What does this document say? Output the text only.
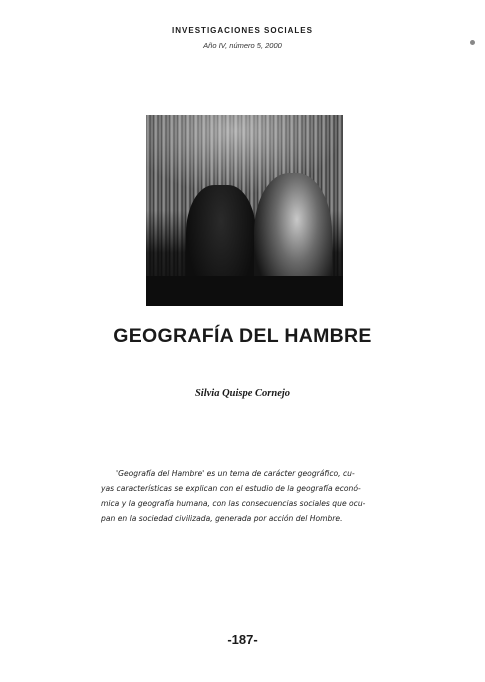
INVESTIGACIONES SOCIALES
Año IV, número 5, 2000
GEOGRAFÍA DEL HAMBRE
Silvia Quispe Cornejo
'Geografía del Hambre' es un tema de carácter geográfico, cu-
yas características se explican con el estudio de la geografía econó-
mica y la geografía humana, con las consecuencias sociales que ocu-
pan en la sociedad civilizada, generada por acción del Hombre.
-187-
